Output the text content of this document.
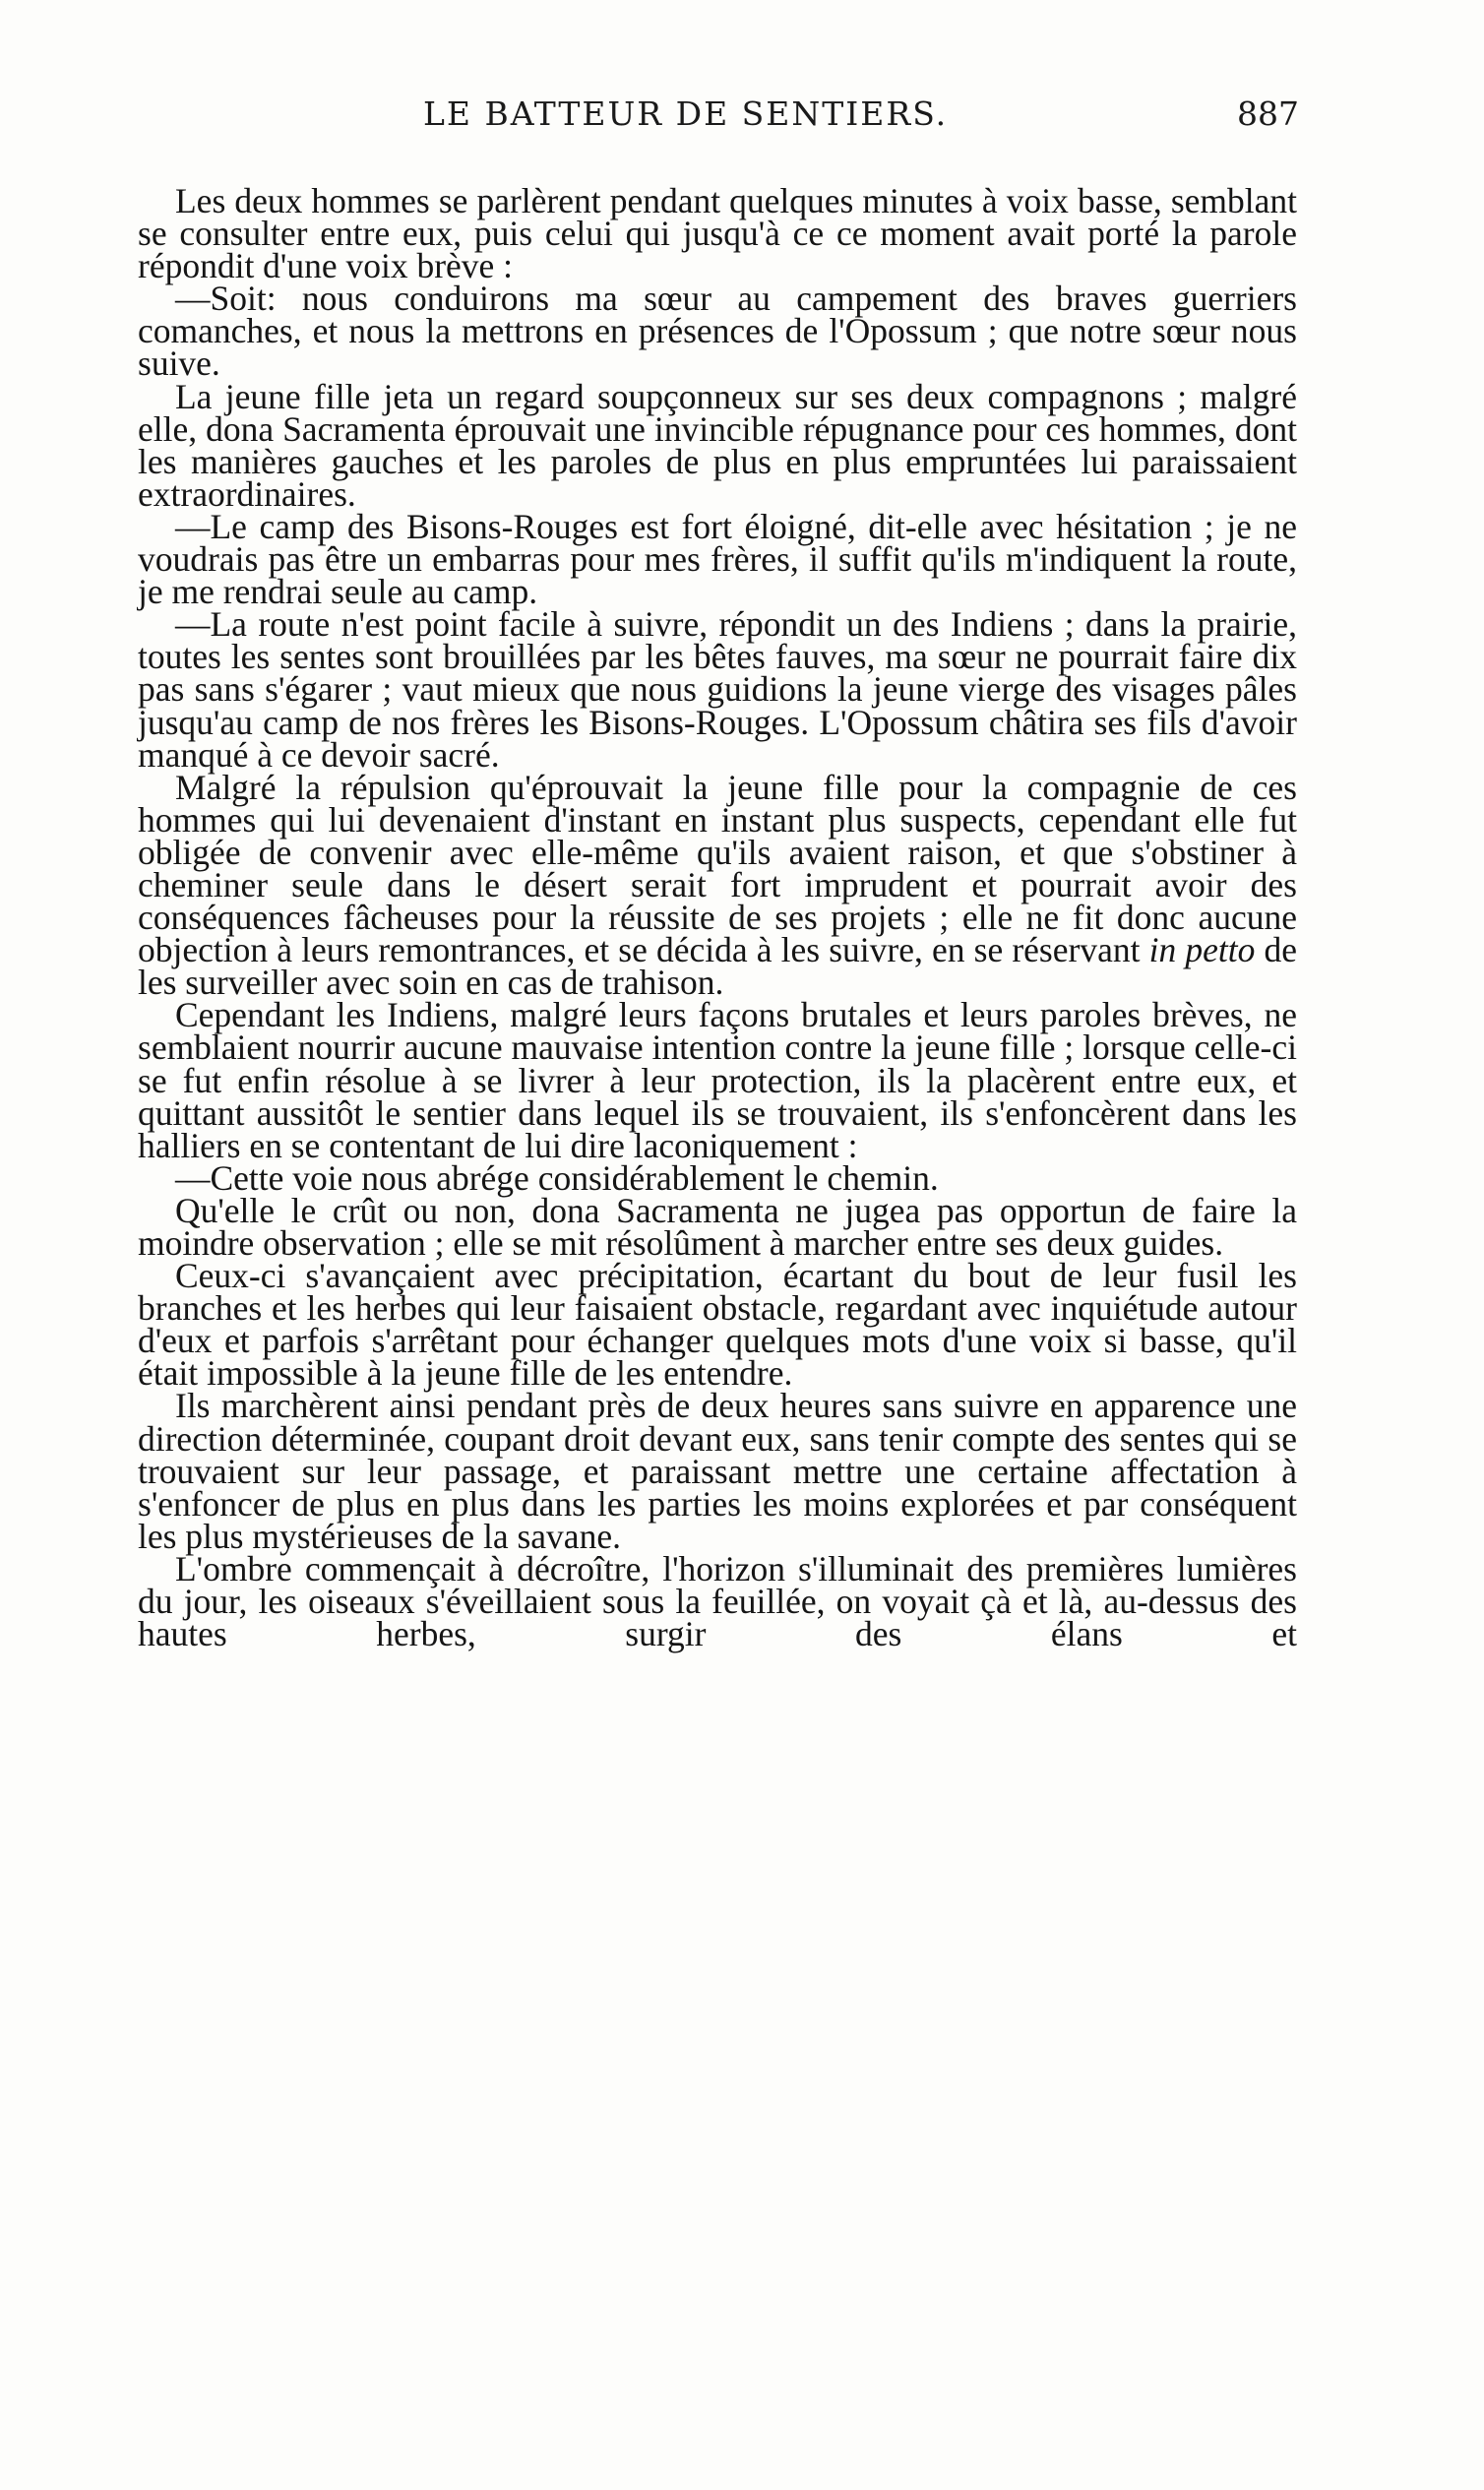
LE BATTEUR DE SENTIERS.	887

Les deux hommes se parlèrent pendant quelques minutes à voix basse, semblant se consulter entre eux, puis celui qui jusqu'à ce ce moment avait porté la parole répondit d'une voix brève :

—Soit: nous conduirons ma sœur au campement des braves guerriers comanches, et nous la mettrons en présences de l'Opossum ; que notre sœur nous suive.

La jeune fille jeta un regard soupçonneux sur ses deux compagnons ; malgré elle, dona Sacramenta éprouvait une invincible répugnance pour ces hommes, dont les manières gauches et les paroles de plus en plus empruntées lui paraissaient extraordinaires.

—Le camp des Bisons-Rouges est fort éloigné, dit-elle avec hésitation ; je ne voudrais pas être un embarras pour mes frères, il suffit qu'ils m'indiquent la route, je me rendrai seule au camp.

—La route n'est point facile à suivre, répondit un des Indiens ; dans la prairie, toutes les sentes sont brouillées par les bêtes fauves, ma sœur ne pourrait faire dix pas sans s'égarer ; vaut mieux que nous guidions la jeune vierge des visages pâles jusqu'au camp de nos frères les Bisons-Rouges. L'Opossum châtira ses fils d'avoir manqué à ce devoir sacré.

Malgré la répulsion qu'éprouvait la jeune fille pour la compagnie de ces hommes qui lui devenaient d'instant en instant plus suspects, cependant elle fut obligée de convenir avec elle-même qu'ils avaient raison, et que s'obstiner à cheminer seule dans le désert serait fort imprudent et pourrait avoir des conséquences fâcheuses pour la réussite de ses projets ; elle ne fit donc aucune objection à leurs remontrances, et se décida à les suivre, en se réservant in petto de les surveiller avec soin en cas de trahison.

Cependant les Indiens, malgré leurs façons brutales et leurs paroles brèves, ne semblaient nourrir aucune mauvaise intention contre la jeune fille ; lorsque celle-ci se fut enfin résolue à se livrer à leur protection, ils la placèrent entre eux, et quittant aussitôt le sentier dans lequel ils se trouvaient, ils s'enfoncèrent dans les halliers en se contentant de lui dire laconiquement :

—Cette voie nous abrége considérablement le chemin.

Qu'elle le crût ou non, dona Sacramenta ne jugea pas opportun de faire la moindre observation ; elle se mit résolûment à marcher entre ses deux guides.

Ceux-ci s'avançaient avec précipitation, écartant du bout de leur fusil les branches et les herbes qui leur faisaient obstacle, regardant avec inquiétude autour d'eux et parfois s'arrêtant pour échanger quelques mots d'une voix si basse, qu'il était impossible à la jeune fille de les entendre.

Ils marchèrent ainsi pendant près de deux heures sans suivre en apparence une direction déterminée, coupant droit devant eux, sans tenir compte des sentes qui se trouvaient sur leur passage, et paraissant mettre une certaine affectation à s'enfoncer de plus en plus dans les parties les moins explorées et par conséquent les plus mystérieuses de la savane.

L'ombre commençait à décroître, l'horizon s'illuminait des premières lumières du jour, les oiseaux s'éveillaient sous la feuillée, on voyait çà et là, au-dessus des hautes herbes, surgir des élans et
